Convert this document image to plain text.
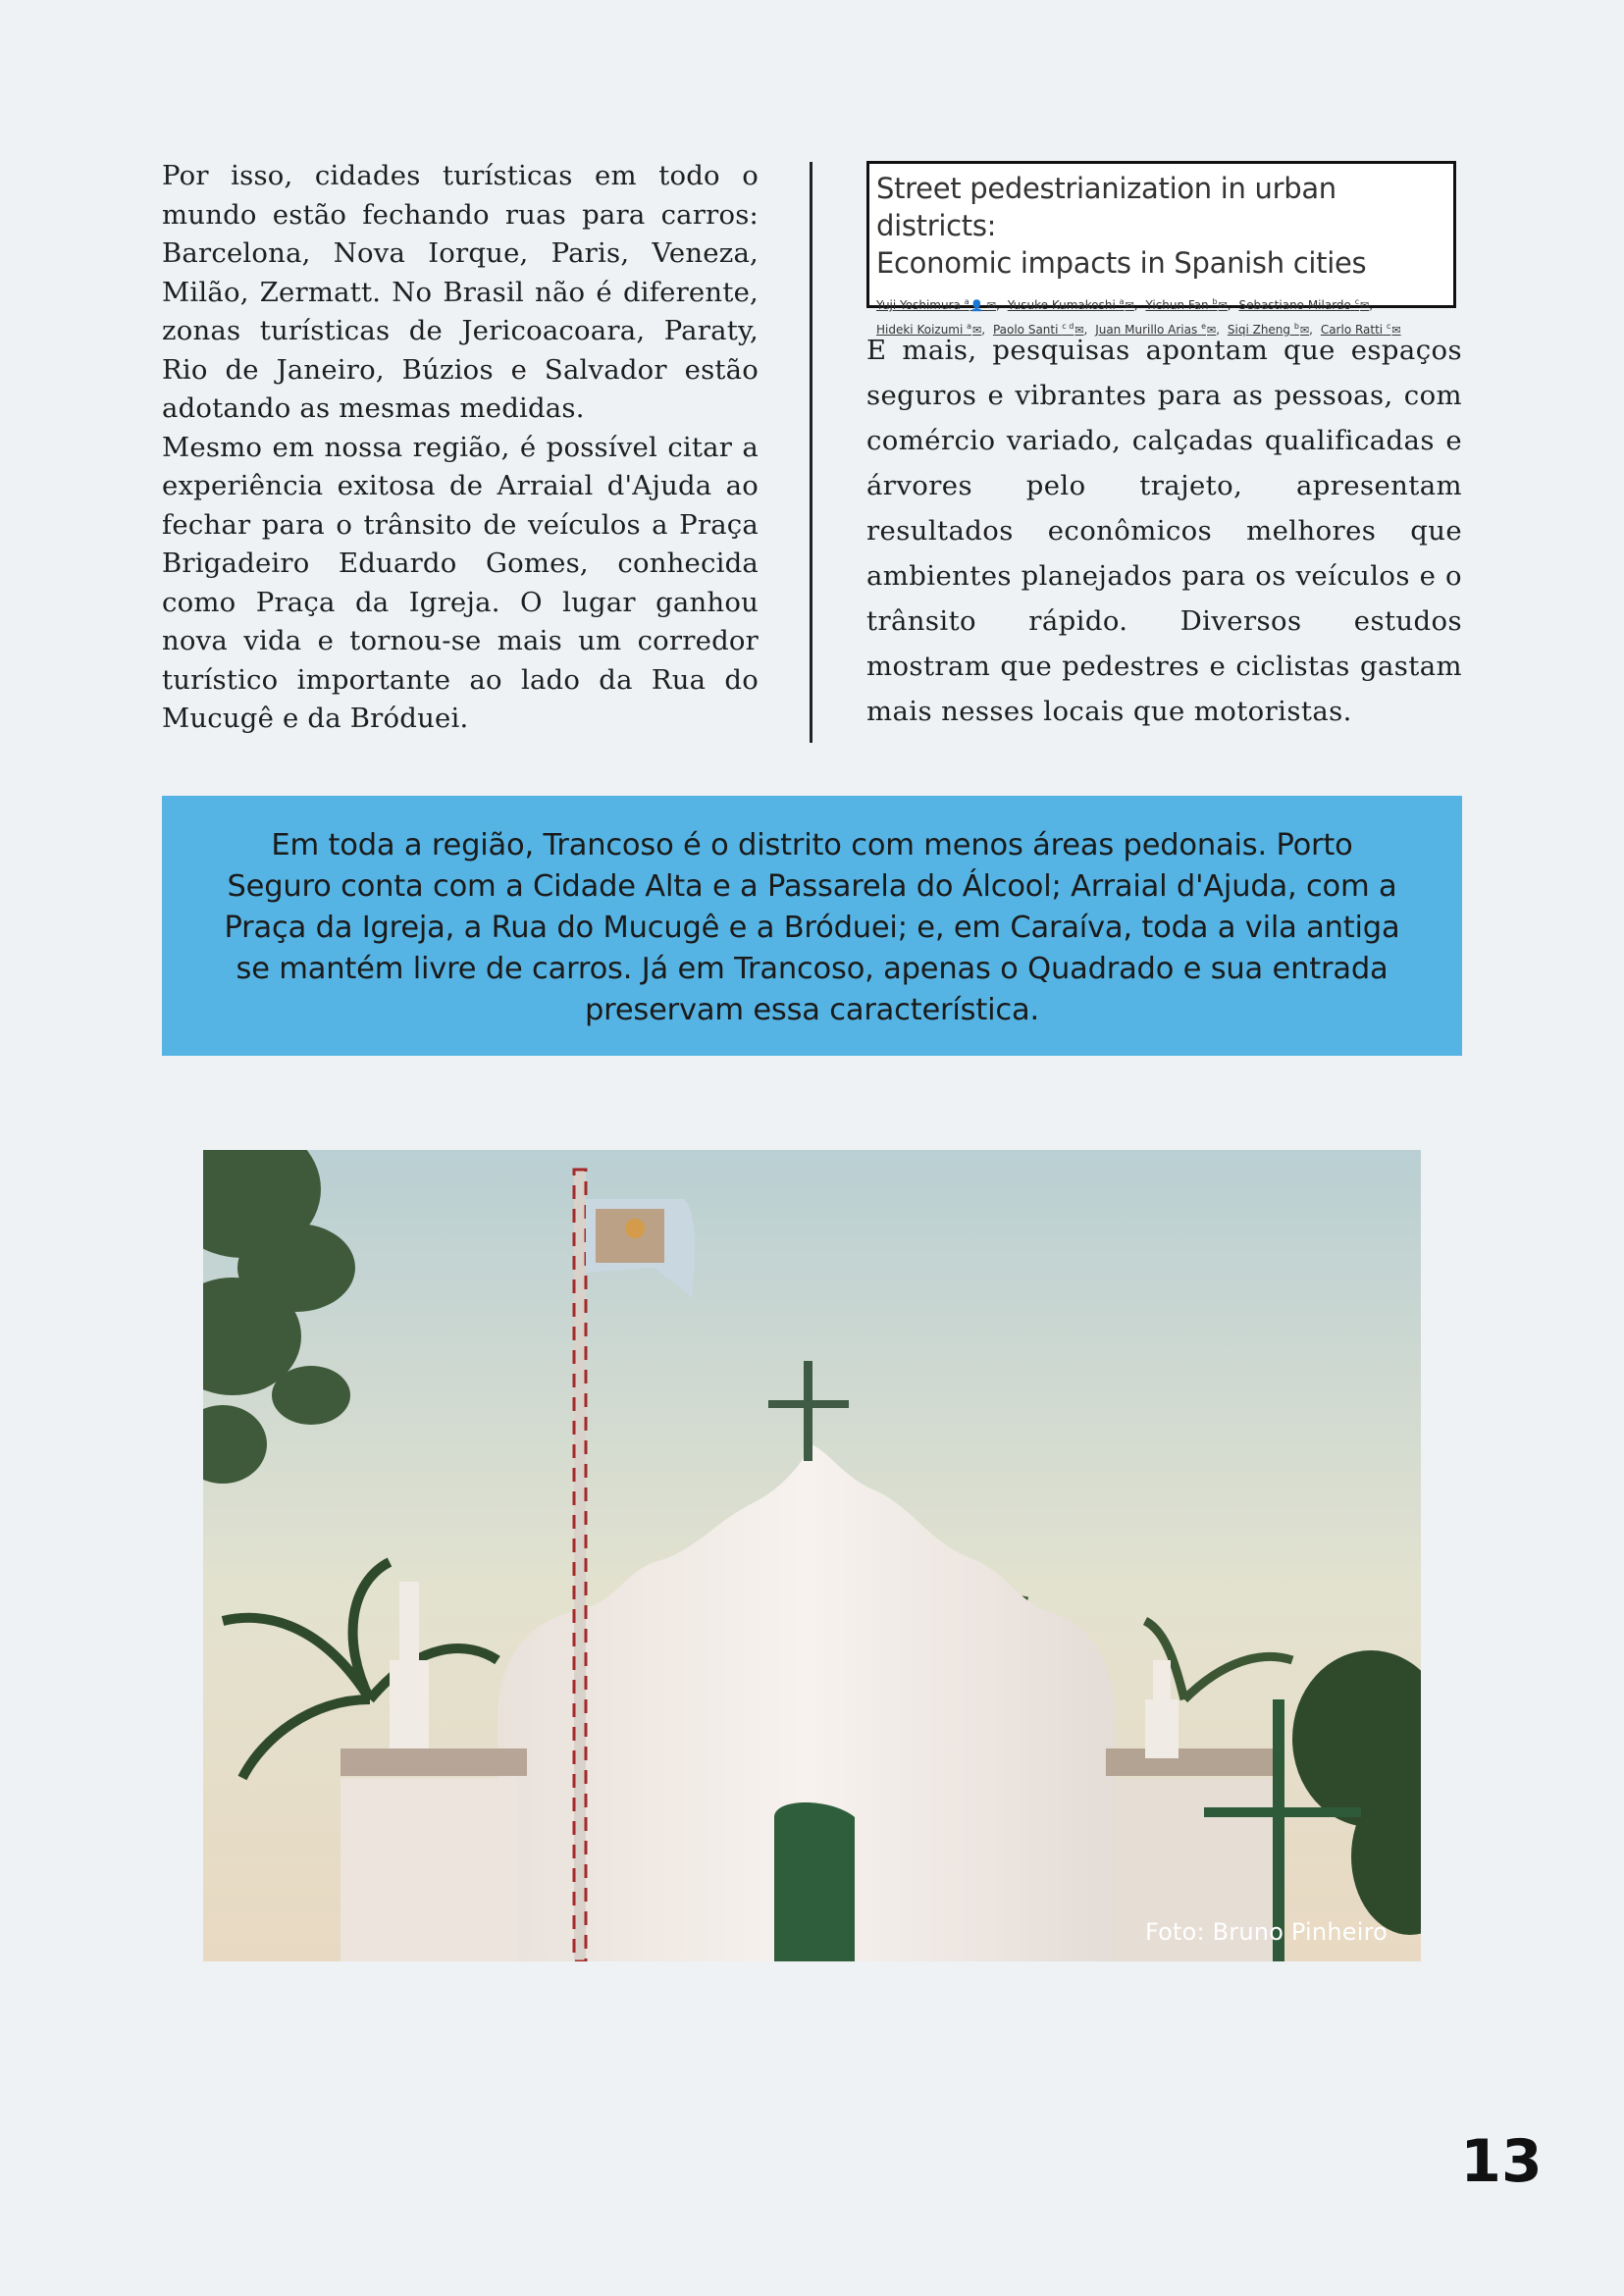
Por isso, cidades turísticas em todo o mundo estão fechando ruas para carros: Barcelona, Nova Iorque, Paris, Veneza, Milão, Zermatt. No Brasil não é diferente, zonas turísticas de Jericoacoara, Paraty, Rio de Janeiro, Búzios e Salvador estão adotando as mesmas medidas.

Mesmo em nossa região, é possível citar a experiência exitosa de Arraial d'Ajuda ao fechar para o trânsito de veículos a Praça Brigadeiro Eduardo Gomes, conhecida como Praça da Igreja. O lugar ganhou nova vida e tornou-se mais um corredor turístico importante ao lado da Rua do Mucugê e da Bróduei.

Street pedestrianization in urban districts:
Economic impacts in Spanish cities
Yuji Yoshimura $^a$👤 ✉, Yusuke Kumakoshi $^a$✉, Yichun Fan $^b$✉, Sebastiano Milardo $^c$✉,
Hideki Koizumi $^a$✉, Paolo Santi $^{c d}$✉, Juan Murillo Arias $^e$✉, Siqi Zheng $^b$✉, Carlo Ratti $^c$✉

E mais, pesquisas apontam que espaços seguros e vibrantes para as pessoas, com comércio variado, calçadas qualificadas e árvores pelo trajeto, apresentam resultados econômicos melhores que ambientes planejados para os veículos e o trânsito rápido. Diversos estudos mostram que pedestres e ciclistas gastam mais nesses locais que motoristas.

Em toda a região, Trancoso é o distrito com menos áreas pedonais. Porto Seguro conta com a Cidade Alta e a Passarela do Álcool; Arraial d'Ajuda, com a Praça da Igreja, a Rua do Mucugê e a Bróduei; e, em Caraíva, toda a vila antiga se mantém livre de carros. Já em Trancoso, apenas o Quadrado e sua entrada preservam essa característica.
Foto: Bruno Pinheiro
13
